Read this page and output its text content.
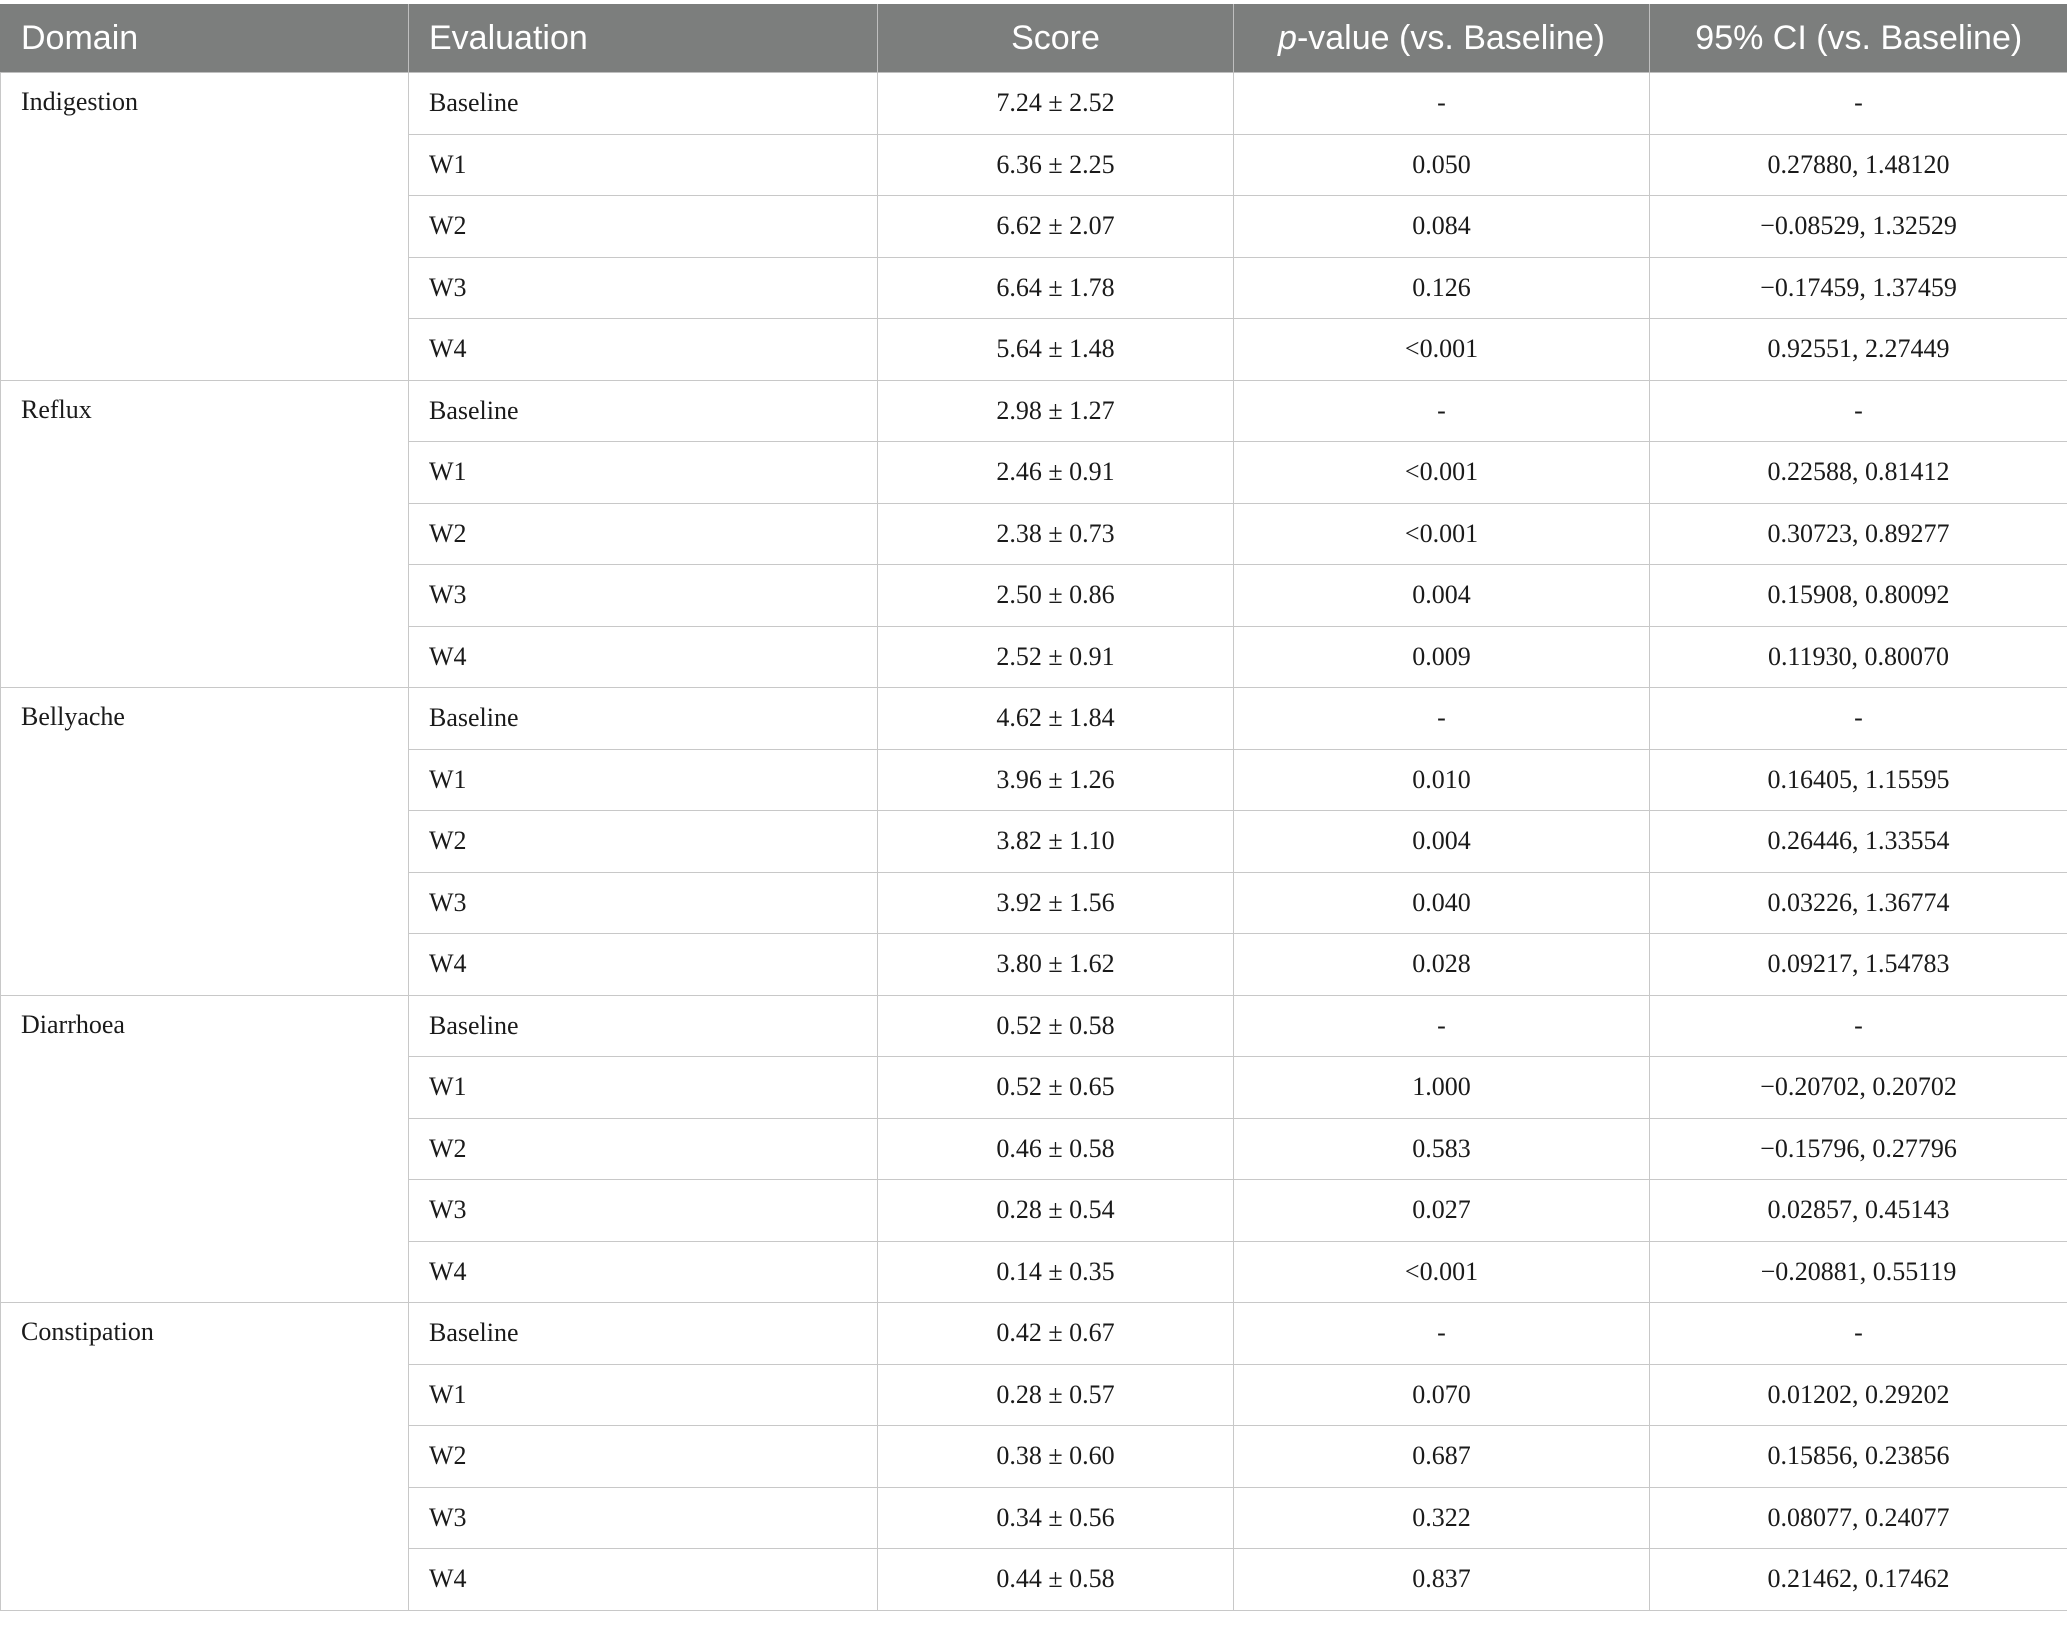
Domain	Evaluation	Score	p-value (vs. Baseline)	95% CI (vs. Baseline)
Indigestion	Baseline	7.24 ± 2.52	-	-
	W1	6.36 ± 2.25	0.050	0.27880, 1.48120
	W2	6.62 ± 2.07	0.084	−0.08529, 1.32529
	W3	6.64 ± 1.78	0.126	−0.17459, 1.37459
	W4	5.64 ± 1.48	<0.001	0.92551, 2.27449
Reflux	Baseline	2.98 ± 1.27	-	-
	W1	2.46 ± 0.91	<0.001	0.22588, 0.81412
	W2	2.38 ± 0.73	<0.001	0.30723, 0.89277
	W3	2.50 ± 0.86	0.004	0.15908, 0.80092
	W4	2.52 ± 0.91	0.009	0.11930, 0.80070
Bellyache	Baseline	4.62 ± 1.84	-	-
	W1	3.96 ± 1.26	0.010	0.16405, 1.15595
	W2	3.82 ± 1.10	0.004	0.26446, 1.33554
	W3	3.92 ± 1.56	0.040	0.03226, 1.36774
	W4	3.80 ± 1.62	0.028	0.09217, 1.54783
Diarrhoea	Baseline	0.52 ± 0.58	-	-
	W1	0.52 ± 0.65	1.000	−0.20702, 0.20702
	W2	0.46 ± 0.58	0.583	−0.15796, 0.27796
	W3	0.28 ± 0.54	0.027	0.02857, 0.45143
	W4	0.14 ± 0.35	<0.001	−0.20881, 0.55119
Constipation	Baseline	0.42 ± 0.67	-	-
	W1	0.28 ± 0.57	0.070	0.01202, 0.29202
	W2	0.38 ± 0.60	0.687	0.15856, 0.23856
	W3	0.34 ± 0.56	0.322	0.08077, 0.24077
	W4	0.44 ± 0.58	0.837	0.21462, 0.17462
